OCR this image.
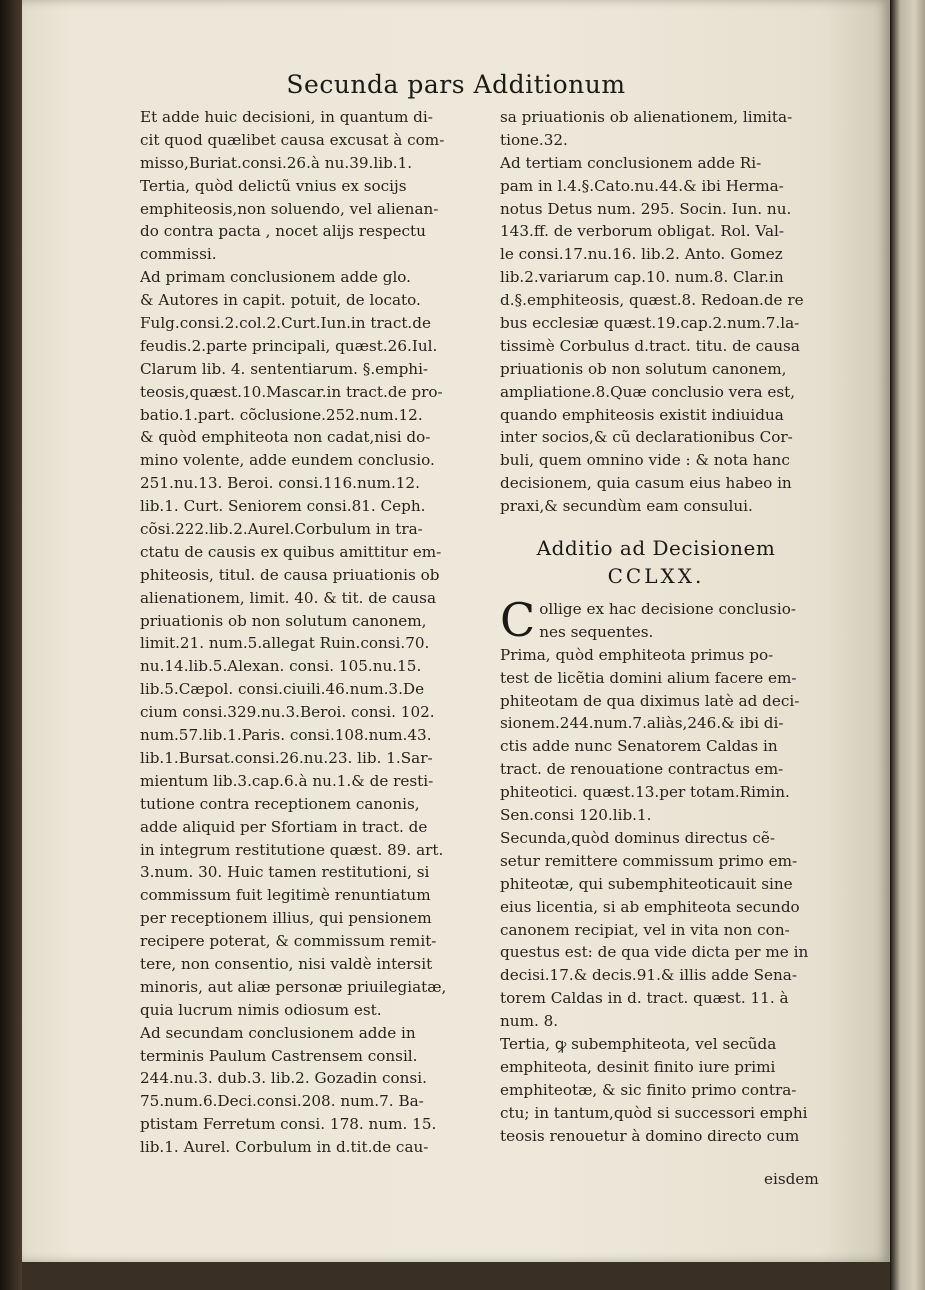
Secunda pars Additionum
Et adde huic decisioni, in quantum di-
cit quod quælibet causa excusat à com-
misso,Buriat.consi.26.à nu.39.lib.1.
Tertia, quòd delictũ vnius ex socijs
emphiteosis,non soluendo, vel alienan-
do contra pacta , nocet alijs respectu
commissi.
Ad primam conclusionem adde glo.
& Autores in capit. potuit, de locato.
Fulg.consi.2.col.2.Curt.Iun.in tract.de
feudis.2.parte principali, quæst.26.Iul.
Clarum lib. 4. sententiarum. §.emphi-
teosis,quæst.10.Mascar.in tract.de pro-
batio.1.part. cõclusione.252.num.12.
& quòd emphiteota non cadat,nisi do-
mino volente, adde eundem conclusio.
251.nu.13. Beroi. consi.116.num.12.
lib.1. Curt. Seniorem consi.81. Ceph.
cõsi.222.lib.2.Aurel.Corbulum in tra-
ctatu de causis ex quibus amittitur em-
phiteosis, titul. de causa priuationis ob
alienationem, limit. 40. & tit. de causa
priuationis ob non solutum canonem,
limit.21. num.5.allegat Ruin.consi.70.
nu.14.lib.5.Alexan. consi. 105.nu.15.
lib.5.Cæpol. consi.ciuili.46.num.3.De
cium consi.329.nu.3.Beroi. consi. 102.
num.57.lib.1.Paris. consi.108.num.43.
lib.1.Bursat.consi.26.nu.23. lib. 1.Sar-
mientum lib.3.cap.6.à nu.1.& de resti-
tutione contra receptionem canonis,
adde aliquid per Sfortiam in tract. de
in integrum restitutione quæst. 89. art.
3.num. 30. Huic tamen restitutioni, si
commissum fuit legitimè renuntiatum
per receptionem illius, qui pensionem
recipere poterat, & commissum remit-
tere, non consentio, nisi valdè intersit
minoris, aut aliæ personæ priuilegiatæ,
quia lucrum nimis odiosum est.
Ad secundam conclusionem adde in
terminis Paulum Castrensem consil.
244.nu.3. dub.3. lib.2. Gozadin consi.
75.num.6.Deci.consi.208. num.7. Ba-
ptistam Ferretum consi. 178. num. 15.
lib.1. Aurel. Corbulum in d.tit.de cau-
sa priuationis ob alienationem, limita-
tione.32.
Ad tertiam conclusionem adde Ri-
pam in l.4.§.Cato.nu.44.& ibi Herma-
notus Detus num. 295. Socin. Iun. nu.
143.ff. de verborum obligat. Rol. Val-
le consi.17.nu.16. lib.2. Anto. Gomez
lib.2.variarum cap.10. num.8. Clar.in
d.§.emphiteosis, quæst.8. Redoan.de re
bus ecclesiæ quæst.19.cap.2.num.7.la-
tissimè Corbulus d.tract. titu. de causa
priuationis ob non solutum canonem,
ampliatione.8.Quæ conclusio vera est,
quando emphiteosis existit indiuidua
inter socios,& cũ declarationibus Cor-
buli, quem omnino vide : & nota hanc
decisionem, quia casum eius habeo in
praxi,& secundùm eam consului.
Additio ad Decisionem
CCLXX.
C ollige ex hac decisione conclusio-
nes sequentes.
Prima, quòd emphiteota primus po-
test de licẽtia domini alium facere em-
phiteotam de qua diximus latè ad deci-
sionem.244.num.7.aliàs,246.& ibi di-
ctis adde nunc Senatorem Caldas in
tract. de renouatione contractus em-
phiteotici. quæst.13.per totam.Rimin.
Sen.consi 120.lib.1.
Secunda,quòd dominus directus cẽ-
setur remittere commissum primo em-
phiteotæ, qui subemphiteoticauit sine
eius licentia, si ab emphiteota secundo
canonem recipiat, vel in vita non con-
questus est: de qua vide dicta per me in
decisi.17.& decis.91.& illis adde Sena-
torem Caldas in d. tract. quæst. 11. à
num. 8.
Tertia, ꝙ subemphiteota, vel secũda
emphiteota, desinit finito iure primi
emphiteotæ, & sic finito primo contra-
ctu; in tantum,quòd si successori emphi
teosis renouetur à domino directo cum
eisdem
